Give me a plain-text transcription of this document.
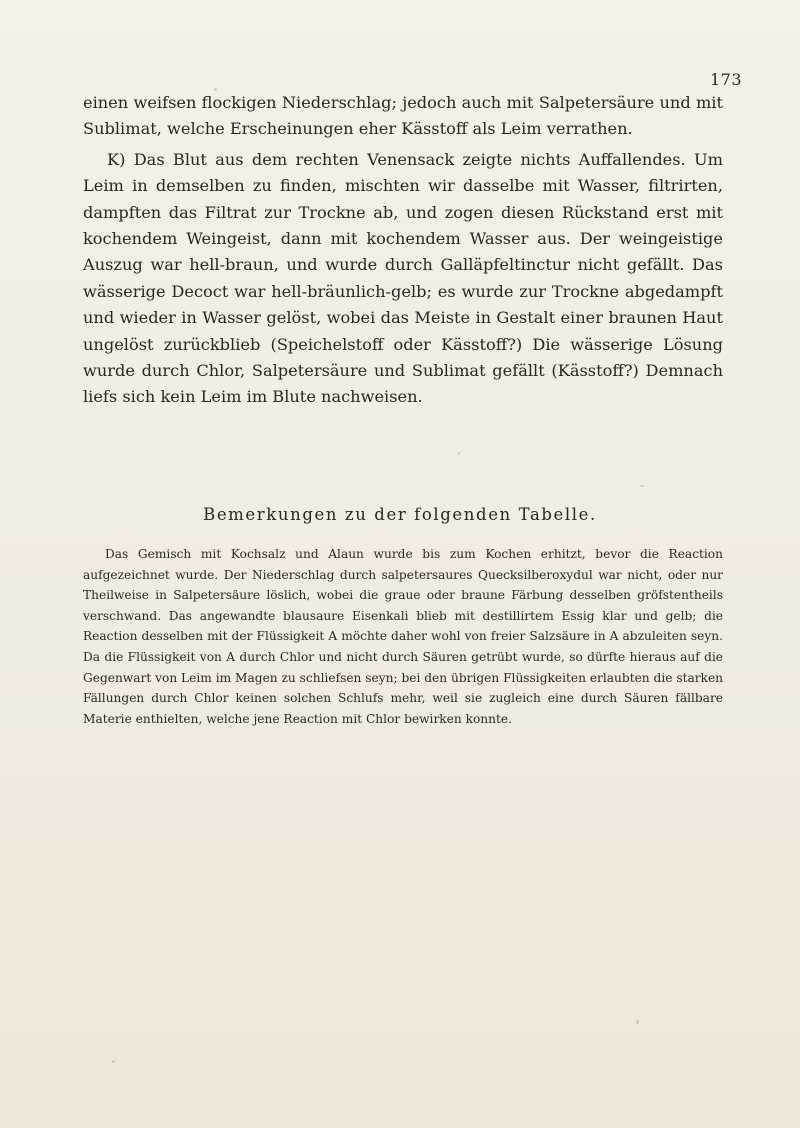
173

einen weifsen flockigen Niederschlag; jedoch auch mit Salpetersäure und mit Sublimat, welche Erscheinungen eher Kässtoff als Leim verrathen.

K) Das Blut aus dem rechten Venensack zeigte nichts Auffallendes. Um Leim in demselben zu finden, mischten wir dasselbe mit Wasser, filtrirten, dampften das Filtrat zur Trockne ab, und zogen diesen Rückstand erst mit kochendem Weingeist, dann mit kochendem Wasser aus. Der weingeistige Auszug war hell-braun, und wurde durch Galläpfeltinctur nicht gefällt. Das wässerige Decoct war hell-bräunlich-gelb; es wurde zur Trockne abgedampft und wieder in Wasser gelöst, wobei das Meiste in Gestalt einer braunen Haut ungelöst zurückblieb (Speichelstoff oder Kässtoff?) Die wässerige Lösung wurde durch Chlor, Salpetersäure und Sublimat gefällt (Kässtoff?) Demnach liefs sich kein Leim im Blute nachweisen.

Bemerkungen zu der folgenden Tabelle.
Das Gemisch mit Kochsalz und Alaun wurde bis zum Kochen erhitzt, bevor die Reaction aufgezeichnet wurde. Der Niederschlag durch salpetersaures Quecksilberoxydul war nicht, oder nur Theilweise in Salpetersäure löslich, wobei die graue oder braune Färbung desselben gröfstentheils verschwand. Das angewandte blausaure Eisenkali blieb mit destillirtem Essig klar und gelb; die Reaction desselben mit der Flüssigkeit A möchte daher wohl von freier Salzsäure in A abzuleiten seyn. Da die Flüssigkeit von A durch Chlor und nicht durch Säuren getrübt wurde, so dürfte hieraus auf die Gegenwart von Leim im Magen zu schliefsen seyn; bei den übrigen Flüssigkeiten erlaubten die starken Fällungen durch Chlor keinen solchen Schlufs mehr, weil sie zugleich eine durch Säuren fällbare Materie enthielten, welche jene Reaction mit Chlor bewirken konnte.
